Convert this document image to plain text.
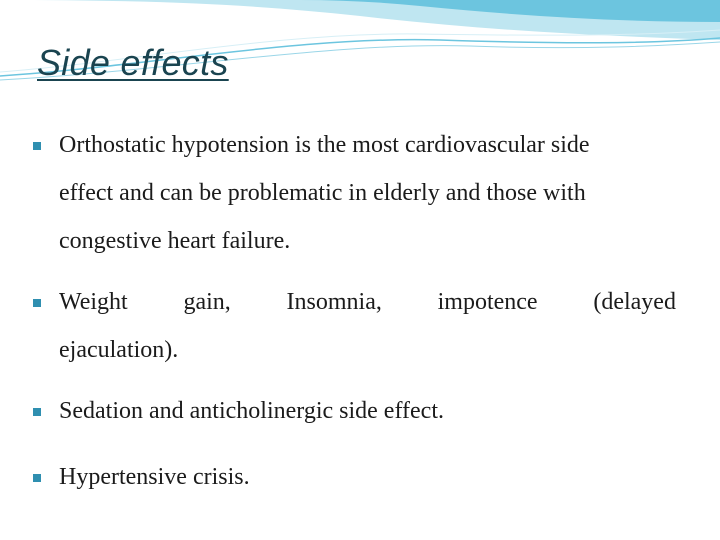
Side effects
Orthostatic hypotension is the most cardiovascular side
effect and can be problematic in elderly and those with
congestive heart failure.
Weight gain, Insomnia, impotence (delayed
ejaculation).
Sedation and anticholinergic side effect.
Hypertensive crisis.
